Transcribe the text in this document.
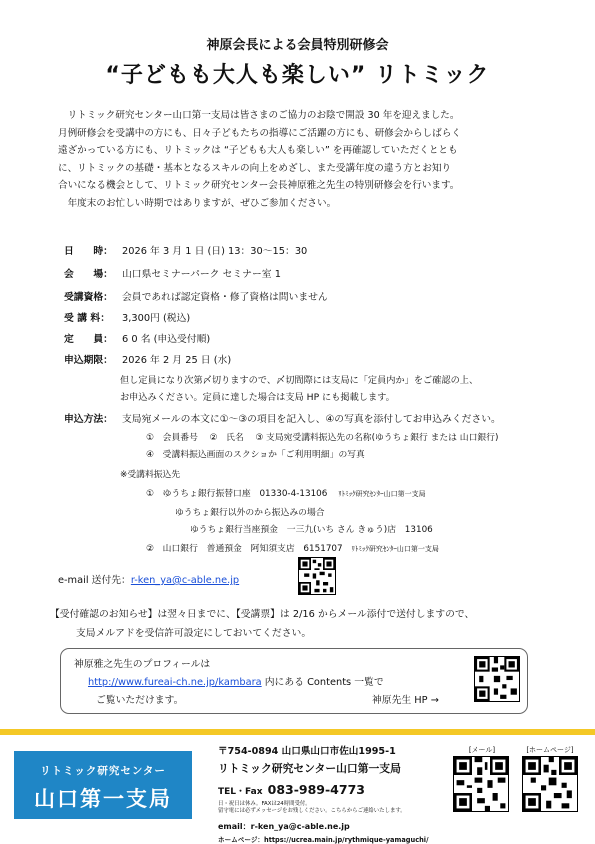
神原会長による会員特別研修会
“子どもも大人も楽しい” リトミック

　リトミック研究センター山口第一支局は皆さまのご協力のお陰で開設 30 年を迎えました。

月例研修会を受講中の方にも、日々子どもたちの指導にご活躍の方にも、研修会からしばらく

遠ざかっている方にも、リトミックは “子どもも大人も楽しい” を再確認していただくととも

に、リトミックの基礎・基本となるスキルの向上をめざし、また受講年度の違う方とお知り

合いになる機会として、リトミック研究センター会長神原雅之先生の特別研修会を行います。

　年度末のお忙しい時期ではありますが、ぜひご参加ください。

日　　時： 2026 年 3 月 1 日 (日) 13：30～15：30
会　　場： 山口県セミナーパーク セミナー室 1
受講資格： 会員であれば認定資格・修了資格は問いません
受 講 料： 3,300円 (税込)
定　　員： 6 0 名 (申込受付順)
申込期限： 2026 年 2 月 25 日 (水)
但し定員になり次第〆切りますので、〆切間際には支局に「定員内か」をご確認の上、
お申込みください。定員に達した場合は支局 HP にも掲載します。
申込方法： 支局宛メールの本文に①～③の項目を記入し、④の写真を添付してお申込みください。
①　会員番号　 ②　氏名　 ③ 支局宛受講料振込先の名称(ゆうちょ銀行 または 山口銀行)
④　受講料振込画面のスクショか「ご利用明細」の写真
※受講料振込先
①　ゆうちょ銀行振替口座　01330-4-13106 ﾘﾄﾐｯｸ研究ｾﾝﾀｰ山口第一支局
ゆうちょ銀行以外のから振込みの場合
ゆうちょ銀行当座預金　一三九(いち さん きゅう)店　13106
②　山口銀行　普通預金　阿知須支店　6151707 ﾘﾄﾐｯｸ研究ｾﾝﾀｰ山口第一支局
e-mail 送付先：r-ken_ya@c-able.ne.jp
【受付確認のお知らせ】は翌々日までに、【受講票】は 2/16 からメール添付で送付しますので、
支局メルアドを受信許可設定にしておいてください。
神原雅之先生のプロフィールは
http://www.fureai-ch.ne.jp/kambara 内にある Contents 一覧で
ご覧いただけます。	神原先生 HP →
リトミック研究センター
山口第一支局
〒754-0894 山口県山口市佐山1995-1
リトミック研究センター山口第一支局
TEL・Fax 083-989-4773
日・祝日は休み。FAXは24時間受付。
留守電には必ずメッセージをお残しください。こちらからご連絡いたします。
email：r-ken_ya@c-able.ne.jp
ホームページ：https://ucrea.main.jp/rythmique-yamaguchi/
[メール]	[ホームページ]
